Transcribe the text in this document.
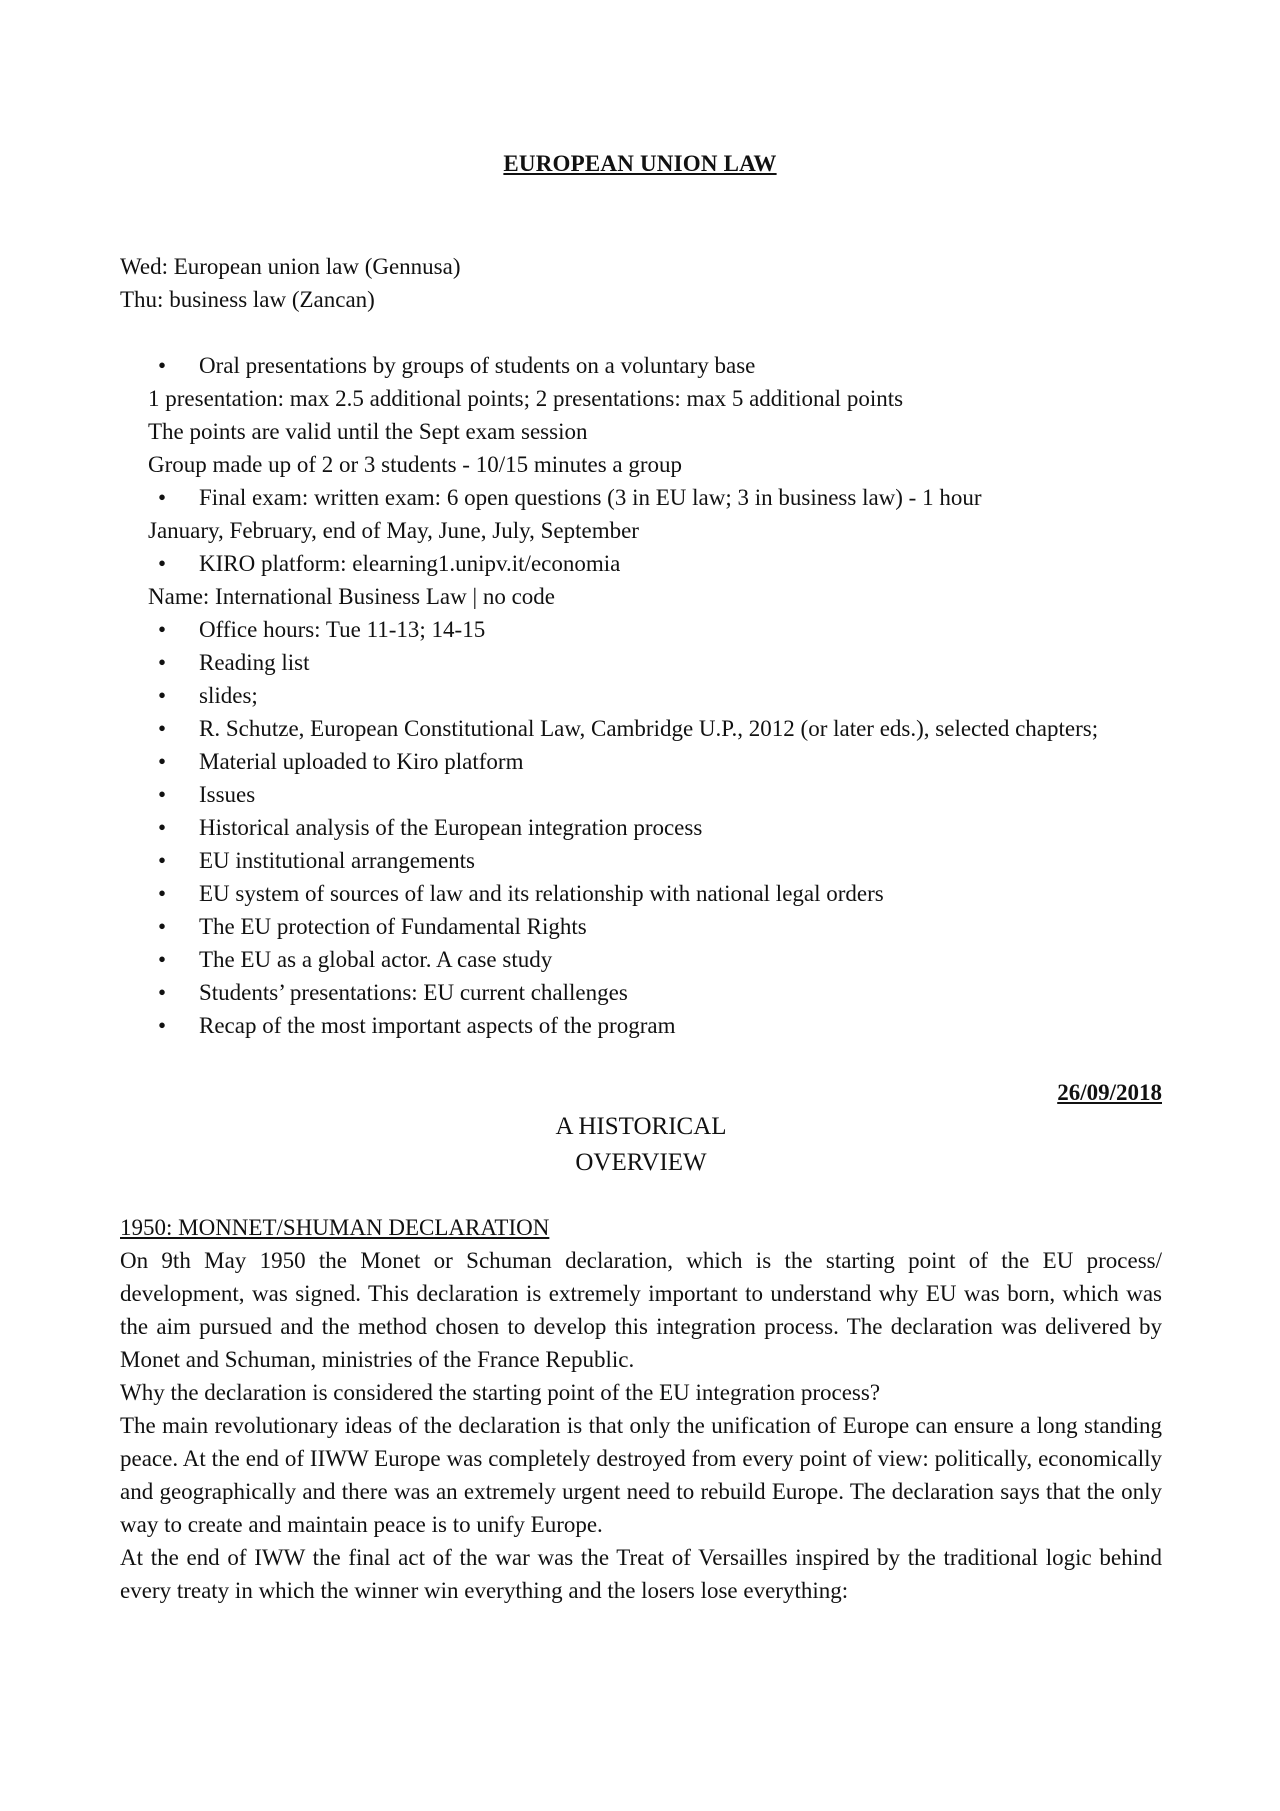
EUROPEAN UNION LAW
Wed: European union law (Gennusa)
Thu: business law (Zancan)
• Oral presentations by groups of students on a voluntary base
1 presentation: max 2.5 additional points; 2 presentations: max 5 additional points
The points are valid until the Sept exam session
Group made up of 2 or 3 students - 10/15 minutes a group
• Final exam: written exam: 6 open questions (3 in EU law; 3 in business law) - 1 hour
January, February, end of May, June, July, September
• KIRO platform: elearning1.unipv.it/economia
Name: International Business Law | no code
• Office hours: Tue 11-13; 14-15
• Reading list
• slides;
• R. Schutze, European Constitutional Law, Cambridge U.P., 2012 (or later eds.), selected chapters;
• Material uploaded to Kiro platform
• Issues
• Historical analysis of the European integration process
• EU institutional arrangements
• EU system of sources of law and its relationship with national legal orders
• The EU protection of Fundamental Rights
• The EU as a global actor. A case study
• Students’ presentations: EU current challenges
• Recap of the most important aspects of the program
26/09/2018
A HISTORICAL
OVERVIEW
1950: MONNET/SHUMAN DECLARATION

On 9th May 1950 the Monet or Schuman declaration, which is the starting point of the EU process/ development, was signed. This declaration is extremely important to understand why EU was born, which was the aim pursued and the method chosen to develop this integration process. The declaration was delivered by Monet and Schuman, ministries of the France Republic.

Why the declaration is considered the starting point of the EU integration process?

The main revolutionary ideas of the declaration is that only the unification of Europe can ensure a long standing peace. At the end of IIWW Europe was completely destroyed from every point of view: politically, economically and geographically and there was an extremely urgent need to rebuild Europe. The declaration says that the only way to create and maintain peace is to unify Europe.

At the end of IWW the final act of the war was the Treat of Versailles inspired by the traditional logic behind every treaty in which the winner win everything and the losers lose everything:
